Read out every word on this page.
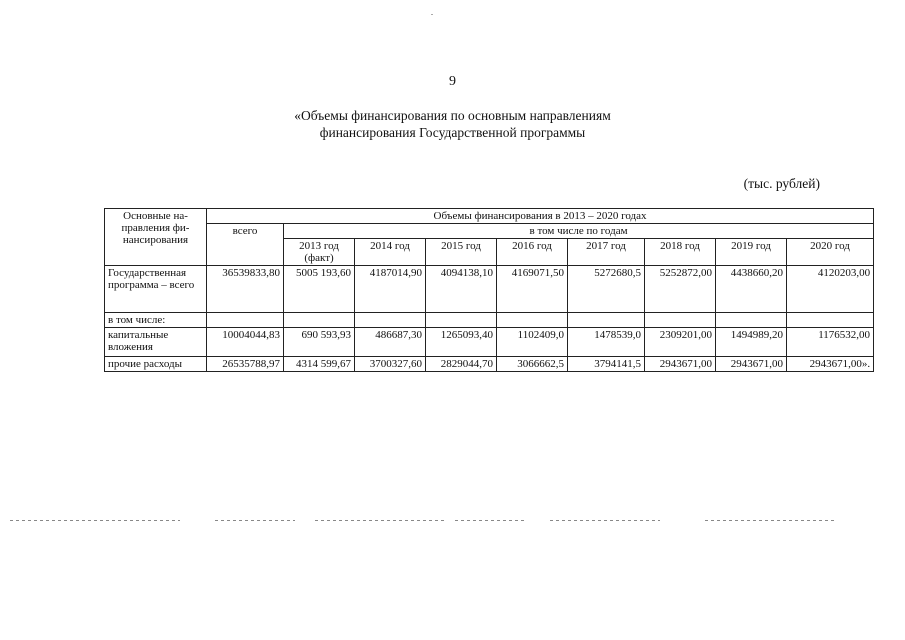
9
«Объемы финансирования по основным направлениям
финансирования Государственной программы
(тыс. рублей)
Основные на-правления фи-нансирования	Объемы финансирования в 2013 – 2020 годах								
	всего	в том числе по годам							
		2013 год (факт)	2014 год	2015 год	2016 год	2017 год	2018 год	2019 год	2020 год
Государственная программа – всего	36539833,80	5005 193,60	4187014,90	4094138,10	4169071,50	5272680,5	5252872,00	4438660,20	4120203,00
в том числе:									
капитальные вложения	10004044,83	690 593,93	486687,30	1265093,40	1102409,0	1478539,0	2309201,00	1494989,20	1176532,00
прочие расходы	26535788,97	4314 599,67	3700327,60	2829044,70	3066662,5	3794141,5	2943671,00	2943671,00	2943671,00».
